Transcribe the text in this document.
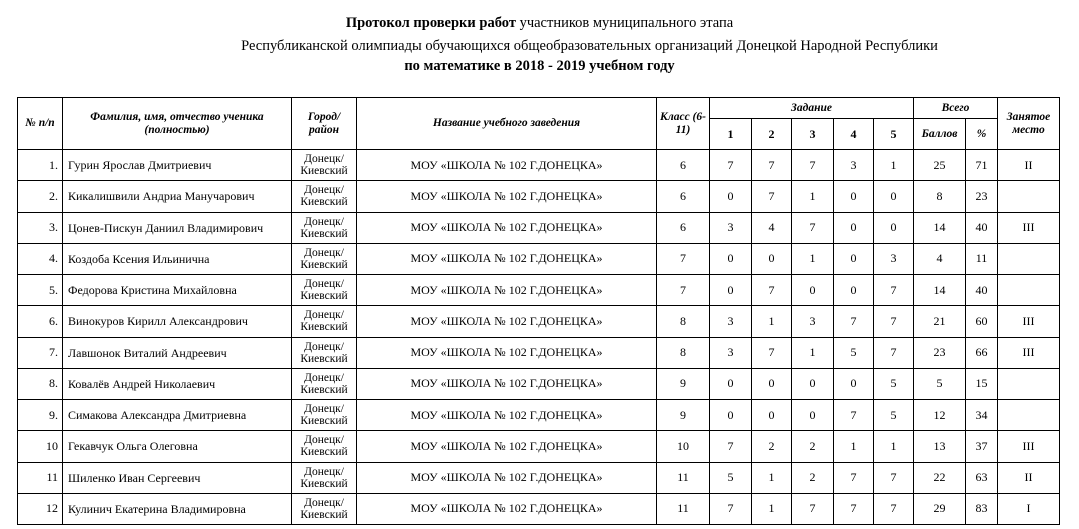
Протокол проверки работ участников муниципального этапа
Республиканской олимпиады обучающихся общеобразовательных организаций Донецкой Народной Республики
по математике в 2018 - 2019 учебном году
№ п/п	Фамилия, имя, отчество ученика (полностью)	Город/ район	Название учебного заведения	Класс (6-11)	Задание					Всего		Занятое место
					1	2	3	4	5	Баллов	%	
1.	Гурин Ярослав Дмитриевич	Донецк/ Киевский	МОУ «ШКОЛА № 102 Г.ДОНЕЦКА»	6	7	7	7	3	1	25	71	II
2.	Кикалишвили Андриа Манучарович	Донецк/ Киевский	МОУ «ШКОЛА № 102 Г.ДОНЕЦКА»	6	0	7	1	0	0	8	23	
3.	Цонев-Пискун Даниил Владимирович	Донецк/ Киевский	МОУ «ШКОЛА № 102 Г.ДОНЕЦКА»	6	3	4	7	0	0	14	40	III
4.	Коздоба Ксения Ильинична	Донецк/ Киевский	МОУ «ШКОЛА № 102 Г.ДОНЕЦКА»	7	0	0	1	0	3	4	11	
5.	Федорова Кристина Михайловна	Донецк/ Киевский	МОУ «ШКОЛА № 102 Г.ДОНЕЦКА»	7	0	7	0	0	7	14	40	
6.	Винокуров Кирилл Александрович	Донецк/ Киевский	МОУ «ШКОЛА № 102 Г.ДОНЕЦКА»	8	3	1	3	7	7	21	60	III
7.	Лавшонок Виталий Андреевич	Донецк/ Киевский	МОУ «ШКОЛА № 102 Г.ДОНЕЦКА»	8	3	7	1	5	7	23	66	III
8.	Ковалёв Андрей Николаевич	Донецк/ Киевский	МОУ «ШКОЛА № 102 Г.ДОНЕЦКА»	9	0	0	0	0	5	5	15	
9.	Симакова Александра Дмитриевна	Донецк/ Киевский	МОУ «ШКОЛА № 102 Г.ДОНЕЦКА»	9	0	0	0	7	5	12	34	
10	Гекавчук Ольга Олеговна	Донецк/ Киевский	МОУ «ШКОЛА № 102 Г.ДОНЕЦКА»	10	7	2	2	1	1	13	37	III
11	Шиленко Иван Сергеевич	Донецк/ Киевский	МОУ «ШКОЛА № 102 Г.ДОНЕЦКА»	11	5	1	2	7	7	22	63	II
12	Кулинич Екатерина Владимировна	Донецк/ Киевский	МОУ «ШКОЛА № 102 Г.ДОНЕЦКА»	11	7	1	7	7	7	29	83	I
